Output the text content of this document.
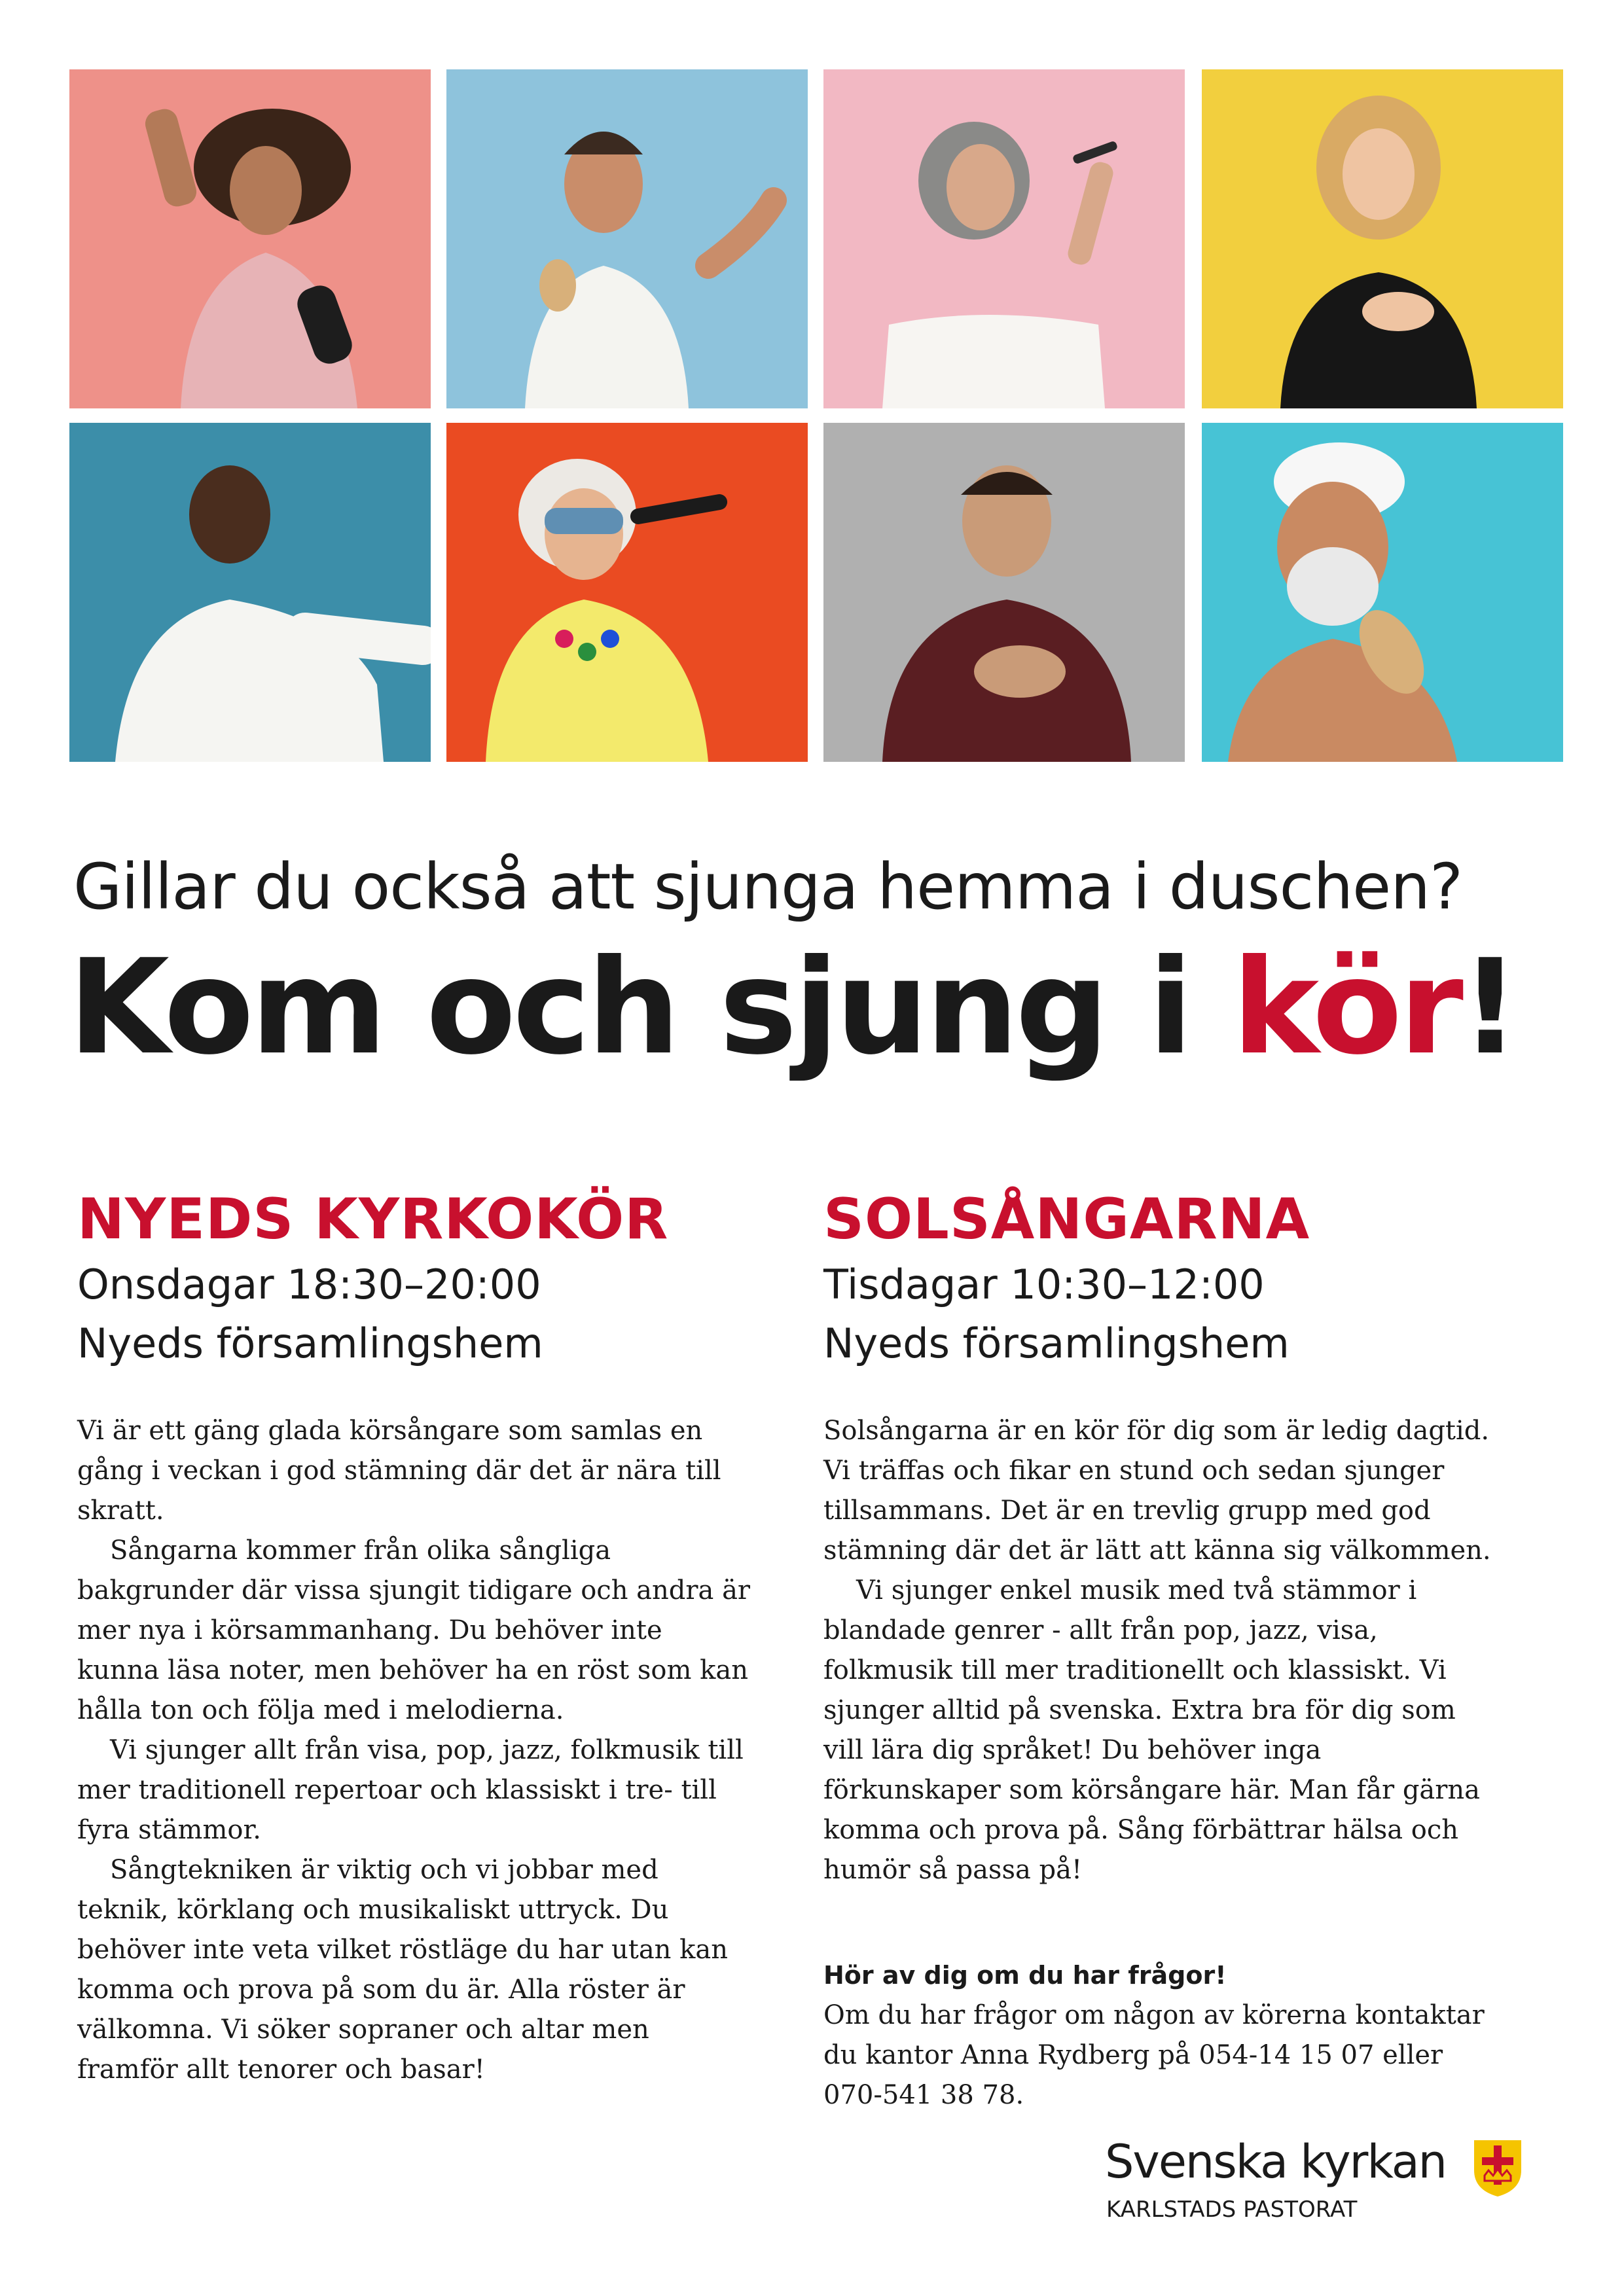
Gillar du också att sjunga hemma i duschen?
Kom och sjung i kör!
NYEDS KYRKOKÖR
Onsdagar 18:30–20:00
Nyeds församlingshem

Vi är ett gäng glada körsångare som samlas en gång i veckan i god stämning där det är nära till skratt.

Sångarna kommer från olika sångliga bakgrunder där vissa sjungit tidigare och andra är mer nya i körsammanhang. Du behöver inte kunna läsa noter, men behöver ha en röst som kan hålla ton och följa med i melodierna.

Vi sjunger allt från visa, pop, jazz, folkmusik till mer traditionell repertoar och klassiskt i tre- till fyra stämmor.

Sångtekniken är viktig och vi jobbar med teknik, körklang och musikaliskt uttryck. Du behöver inte veta vilket röstläge du har utan kan komma och prova på som du är. Alla röster är välkomna. Vi söker sopraner och altar men framför allt tenorer och basar!

SOLSÅNGARNA
Tisdagar 10:30–12:00
Nyeds församlingshem

Solsångarna är en kör för dig som är ledig dagtid. Vi träffas och fikar en stund och sedan sjunger tillsammans. Det är en trevlig grupp med god stämning där det är lätt att känna sig välkommen.

Vi sjunger enkel musik med två stämmor i blandade genrer - allt från pop, jazz, visa, folkmusik till mer traditionellt och klassiskt. Vi sjunger alltid på svenska. Extra bra för dig som vill lära dig språket! Du behöver inga förkunskaper som körsångare här. Man får gärna komma och prova på. Sång förbättrar hälsa och humör så passa på!

Hör av dig om du har frågor!
Om du har frågor om någon av körerna kontaktar du kantor Anna Rydberg på 054-14 15 07 eller 070-541 38 78.
Svenska kyrkan
KARLSTADS PASTORAT
